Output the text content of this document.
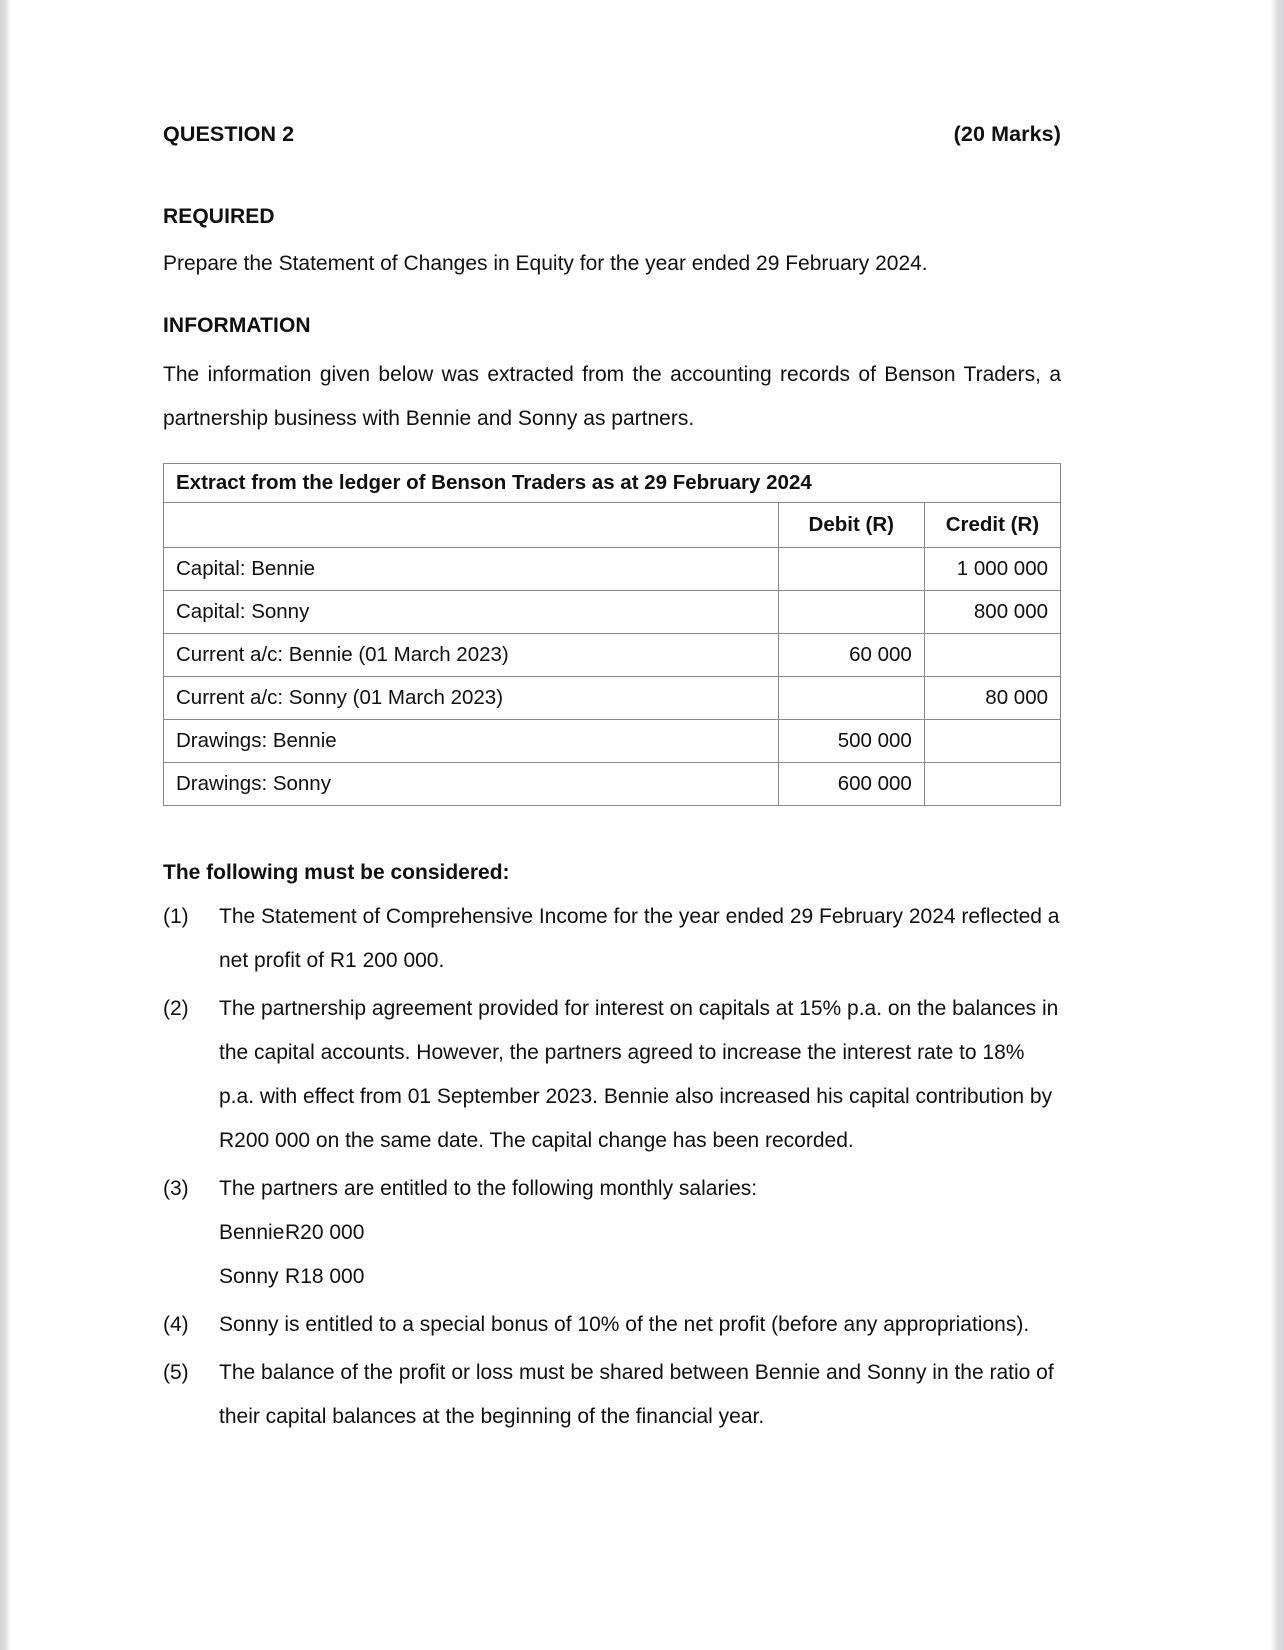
QUESTION 2	(20 Marks)
REQUIRED
Prepare the Statement of Changes in Equity for the year ended 29 February 2024.
INFORMATION
The information given below was extracted from the accounting records of Benson Traders, a partnership business with Bennie and Sonny as partners.
Extract from the ledger of Benson Traders as at 29 February 2024		
	Debit (R)	Credit (R)
Capital: Bennie		1 000 000
Capital: Sonny		800 000
Current a/c: Bennie (01 March 2023)	60 000	
Current a/c: Sonny (01 March 2023)		80 000
Drawings: Bennie	500 000	
Drawings: Sonny	600 000	
The following must be considered:
(1)	The Statement of Comprehensive Income for the year ended 29 February 2024 reflected a net profit of R1 200 000.
(2)	The partnership agreement provided for interest on capitals at 15% p.a. on the balances in the capital accounts. However, the partners agreed to increase the interest rate to 18% p.a. with effect from 01 September 2023. Bennie also increased his capital contribution by R200 000 on the same date. The capital change has been recorded.
(3)	The partners are entitled to the following monthly salaries:
BennieR20 000
Sonny R18 000
(4)	Sonny is entitled to a special bonus of 10% of the net profit (before any appropriations).
(5)	The balance of the profit or loss must be shared between Bennie and Sonny in the ratio of their capital balances at the beginning of the financial year.
